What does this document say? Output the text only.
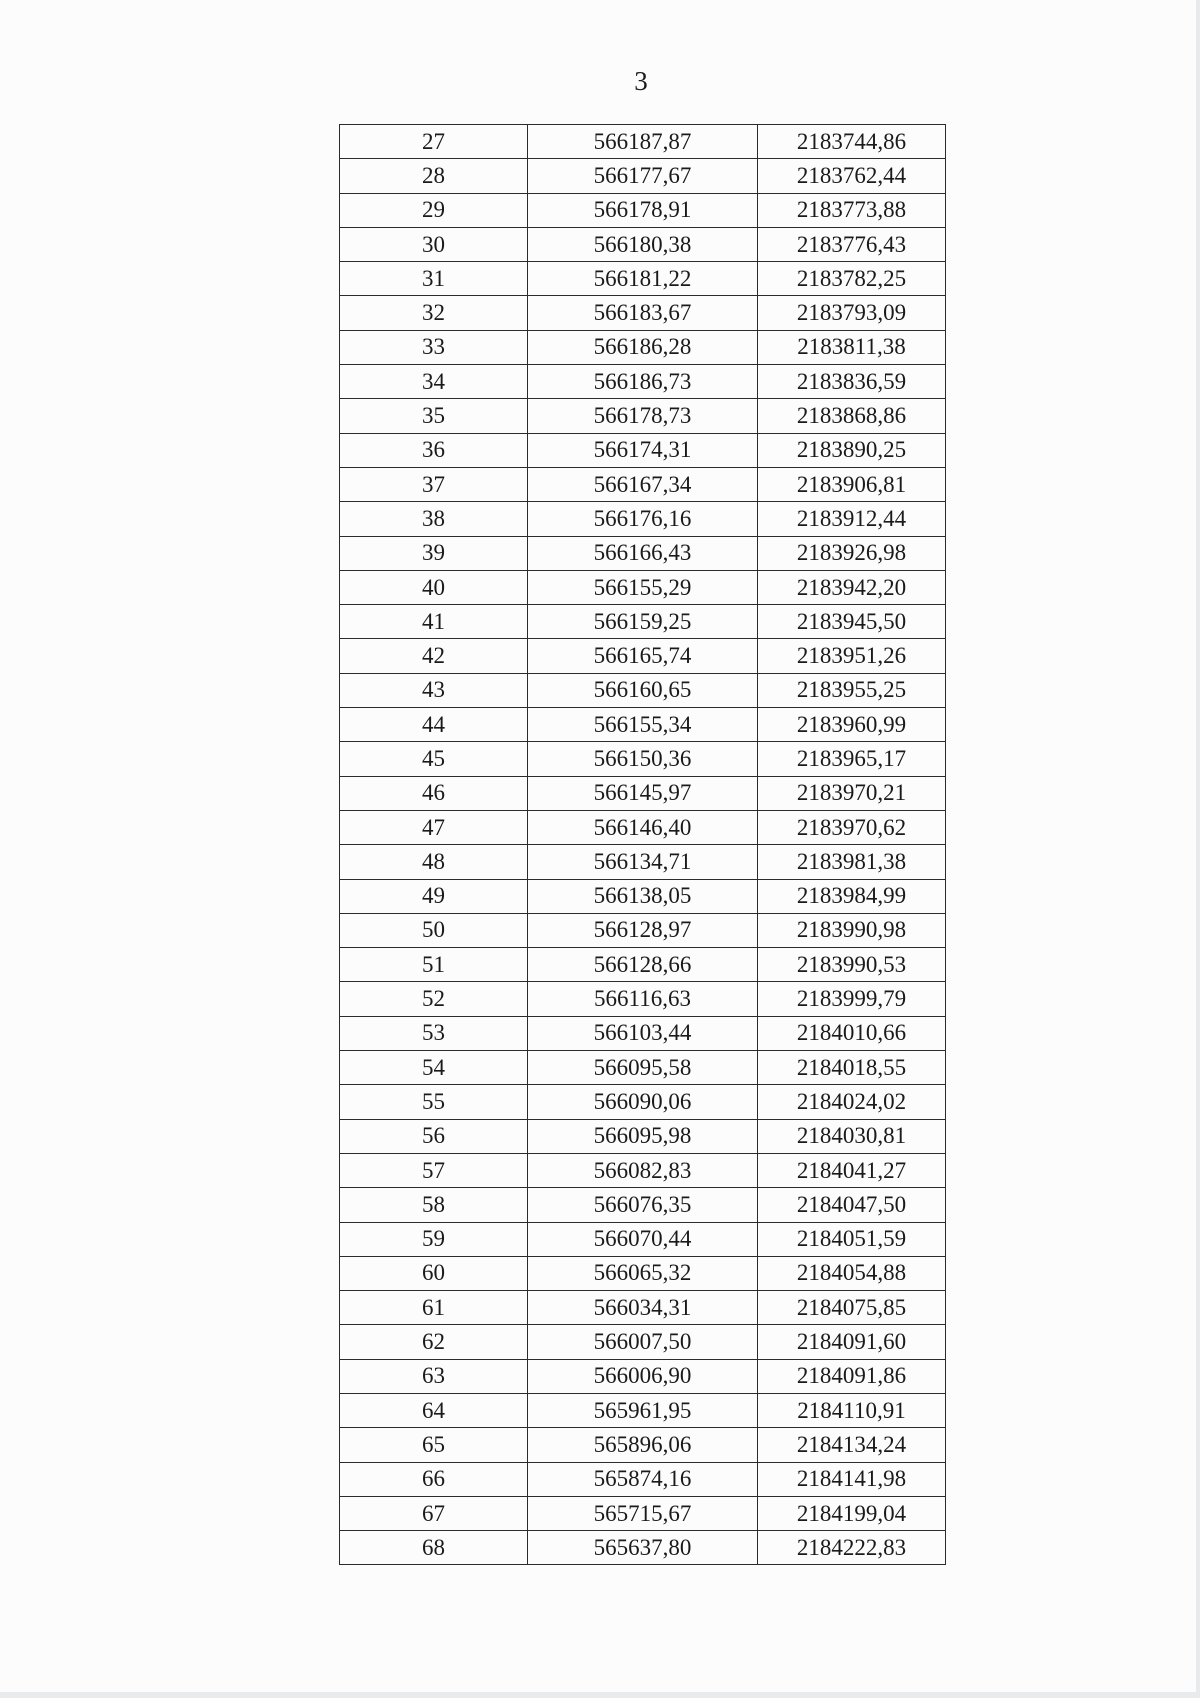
3
27	566187,87	2183744,86
28	566177,67	2183762,44
29	566178,91	2183773,88
30	566180,38	2183776,43
31	566181,22	2183782,25
32	566183,67	2183793,09
33	566186,28	2183811,38
34	566186,73	2183836,59
35	566178,73	2183868,86
36	566174,31	2183890,25
37	566167,34	2183906,81
38	566176,16	2183912,44
39	566166,43	2183926,98
40	566155,29	2183942,20
41	566159,25	2183945,50
42	566165,74	2183951,26
43	566160,65	2183955,25
44	566155,34	2183960,99
45	566150,36	2183965,17
46	566145,97	2183970,21
47	566146,40	2183970,62
48	566134,71	2183981,38
49	566138,05	2183984,99
50	566128,97	2183990,98
51	566128,66	2183990,53
52	566116,63	2183999,79
53	566103,44	2184010,66
54	566095,58	2184018,55
55	566090,06	2184024,02
56	566095,98	2184030,81
57	566082,83	2184041,27
58	566076,35	2184047,50
59	566070,44	2184051,59
60	566065,32	2184054,88
61	566034,31	2184075,85
62	566007,50	2184091,60
63	566006,90	2184091,86
64	565961,95	2184110,91
65	565896,06	2184134,24
66	565874,16	2184141,98
67	565715,67	2184199,04
68	565637,80	2184222,83
